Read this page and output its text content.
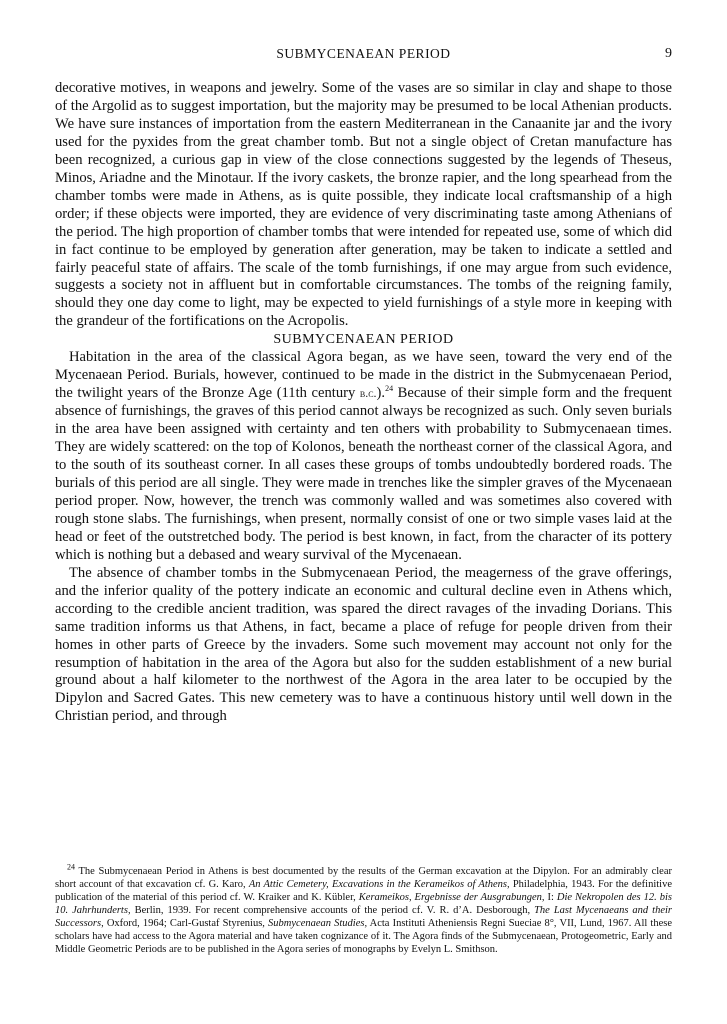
SUBMYCENAEAN PERIOD	9

decorative motives, in weapons and jewelry. Some of the vases are so similar in clay and shape to those of the Argolid as to suggest importation, but the majority may be presumed to be local Athenian products. We have sure instances of importation from the eastern Mediterranean in the Canaanite jar and the ivory used for the pyxides from the great chamber tomb. But not a single object of Cretan manufacture has been recognized, a curious gap in view of the close connections suggested by the legends of Theseus, Minos, Ariadne and the Minotaur. If the ivory caskets, the bronze rapier, and the long spearhead from the chamber tombs were made in Athens, as is quite possible, they indicate local craftsmanship of a high order; if these objects were imported, they are evidence of very discriminating taste among Athenians of the period. The high proportion of chamber tombs that were intended for repeated use, some of which did in fact continue to be employed by generation after generation, may be taken to indicate a settled and fairly peaceful state of affairs. The scale of the tomb furnishings, if one may argue from such evidence, suggests a society not in affluent but in comfortable circumstances. The tombs of the reigning family, should they one day come to light, may be expected to yield furnishings of a style more in keeping with the grandeur of the fortifications on the Acropolis.

SUBMYCENAEAN PERIOD

Habitation in the area of the classical Agora began, as we have seen, toward the very end of the Mycenaean Period. Burials, however, continued to be made in the district in the Submycenaean Period, the twilight years of the Bronze Age (11th century b.c.).$^{24}$ Because of their simple form and the frequent absence of furnishings, the graves of this period cannot always be recognized as such. Only seven burials in the area have been assigned with certainty and ten others with probability to Submycenaean times. They are widely scattered: on the top of Kolonos, beneath the northeast corner of the classical Agora, and to the south of its southeast corner. In all cases these groups of tombs undoubtedly bordered roads. The burials of this period are all single. They were made in trenches like the simpler graves of the Mycenaean period proper. Now, however, the trench was commonly walled and was sometimes also covered with rough stone slabs. The furnishings, when present, normally consist of one or two simple vases laid at the head or feet of the outstretched body. The period is best known, in fact, from the character of its pottery which is nothing but a debased and weary survival of the Mycenaean.

The absence of chamber tombs in the Submycenaean Period, the meagerness of the grave offerings, and the inferior quality of the pottery indicate an economic and cultural decline even in Athens which, according to the credible ancient tradition, was spared the direct ravages of the invading Dorians. This same tradition informs us that Athens, in fact, became a place of refuge for people driven from their homes in other parts of Greece by the invaders. Some such movement may account not only for the resumption of habitation in the area of the Agora but also for the sudden establishment of a new burial ground about a half kilometer to the northwest of the Agora in the area later to be occupied by the Dipylon and Sacred Gates. This new cemetery was to have a continuous history until well down in the Christian period, and through

$^{24}$ The Submycenaean Period in Athens is best documented by the results of the German excavation at the Dipylon. For an admirably clear short account of that excavation cf. G. Karo, An Attic Cemetery, Excavations in the Kerameikos of Athens, Philadelphia, 1943. For the definitive publication of the material of this period cf. W. Kraiker and K. Kübler, Kerameikos, Ergebnisse der Ausgrabungen, I: Die Nekropolen des 12. bis 10. Jahrhunderts, Berlin, 1939. For recent comprehensive accounts of the period cf. V. R. d’A. Desborough, The Last Mycenaeans and their Successors, Oxford, 1964; Carl-Gustaf Styrenius, Submycenaean Studies, Acta Instituti Atheniensis Regni Sueciae 8°, VII, Lund, 1967. All these scholars have had access to the Agora material and have taken cognizance of it. The Agora finds of the Submycenaean, Protogeometric, Early and Middle Geometric Periods are to be published in the Agora series of monographs by Evelyn L. Smithson.
